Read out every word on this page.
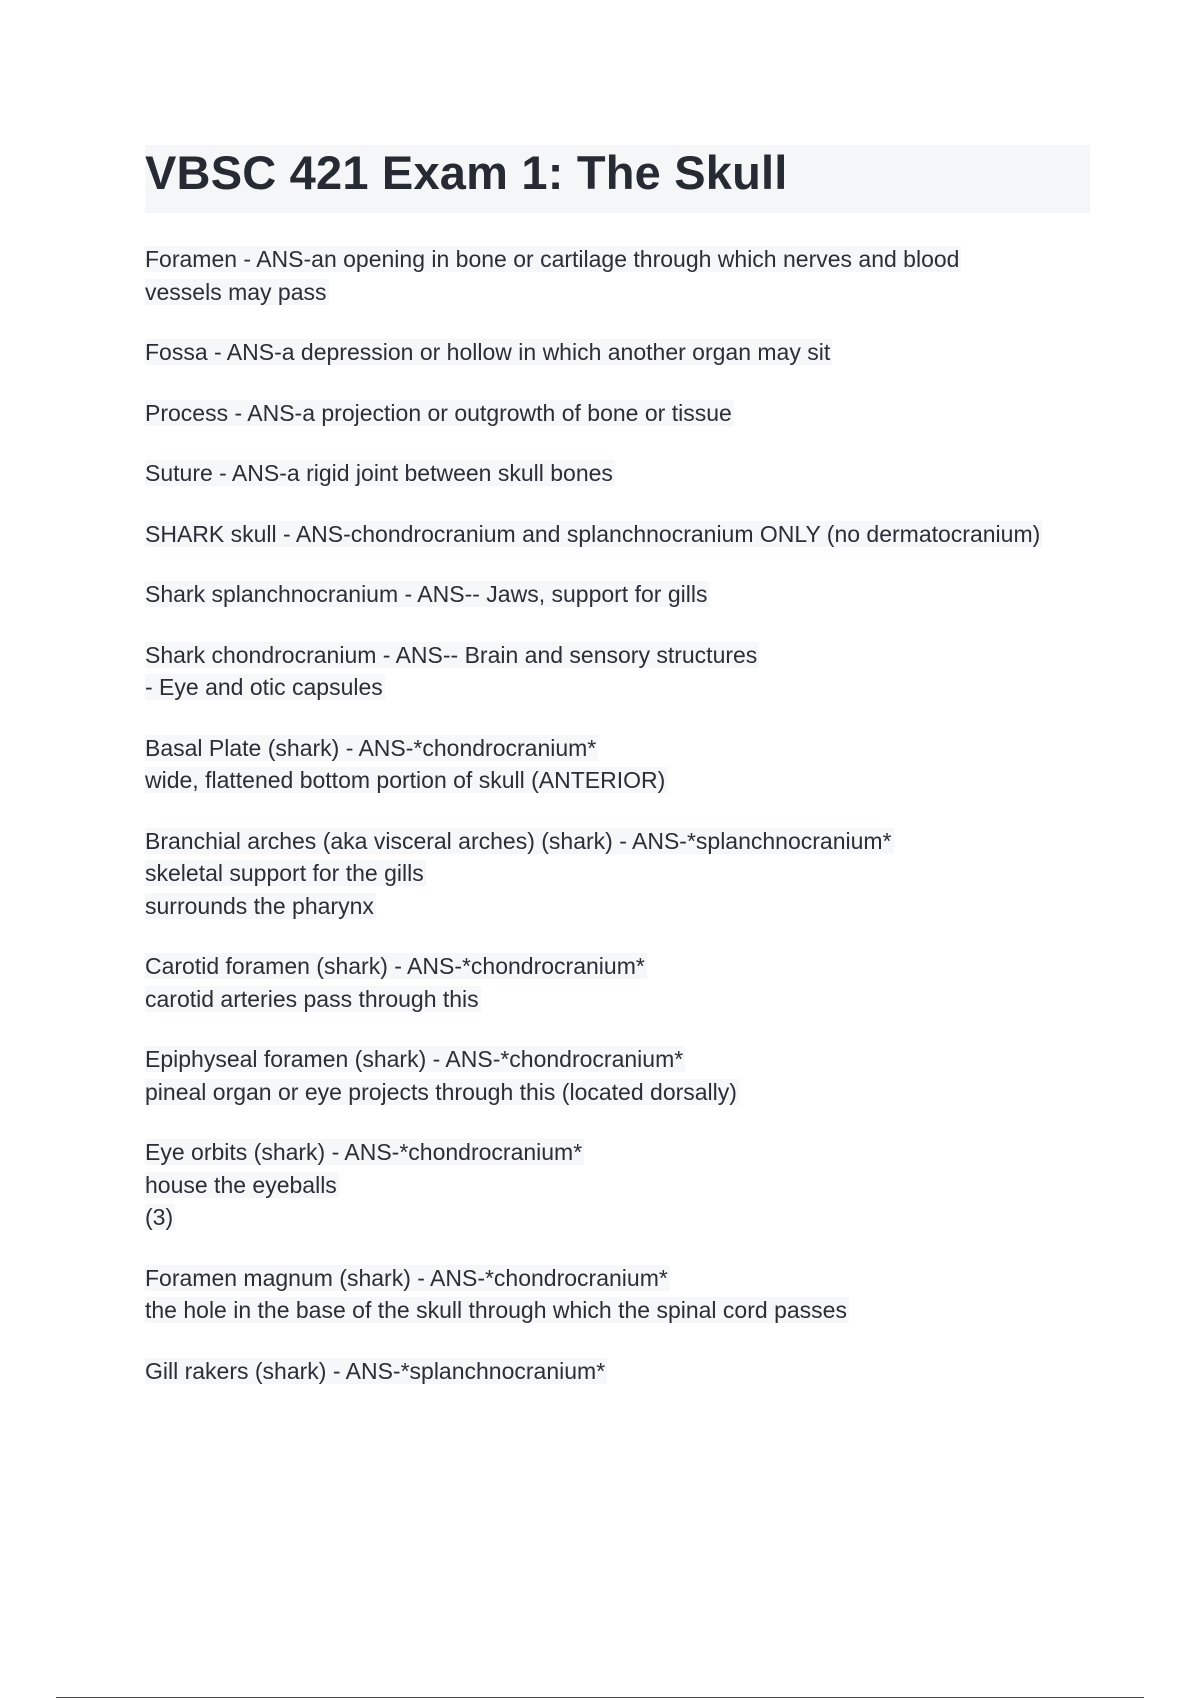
VBSC 421 Exam 1: The Skull
Foramen - ANS-an opening in bone or cartilage through which nerves and blood
vessels may pass
Fossa - ANS-a depression or hollow in which another organ may sit
Process - ANS-a projection or outgrowth of bone or tissue
Suture - ANS-a rigid joint between skull bones
SHARK skull - ANS-chondrocranium and splanchnocranium ONLY (no dermatocranium)
Shark splanchnocranium - ANS-- Jaws, support for gills
Shark chondrocranium - ANS-- Brain and sensory structures
- Eye and otic capsules
Basal Plate (shark) - ANS-*chondrocranium*
wide, flattened bottom portion of skull (ANTERIOR)
Branchial arches (aka visceral arches) (shark) - ANS-*splanchnocranium*
skeletal support for the gills
surrounds the pharynx
Carotid foramen (shark) - ANS-*chondrocranium*
carotid arteries pass through this
Epiphyseal foramen (shark) - ANS-*chondrocranium*
pineal organ or eye projects through this (located dorsally)
Eye orbits (shark) - ANS-*chondrocranium*
house the eyeballs
(3)
Foramen magnum (shark) - ANS-*chondrocranium*
the hole in the base of the skull through which the spinal cord passes
Gill rakers (shark) - ANS-*splanchnocranium*
